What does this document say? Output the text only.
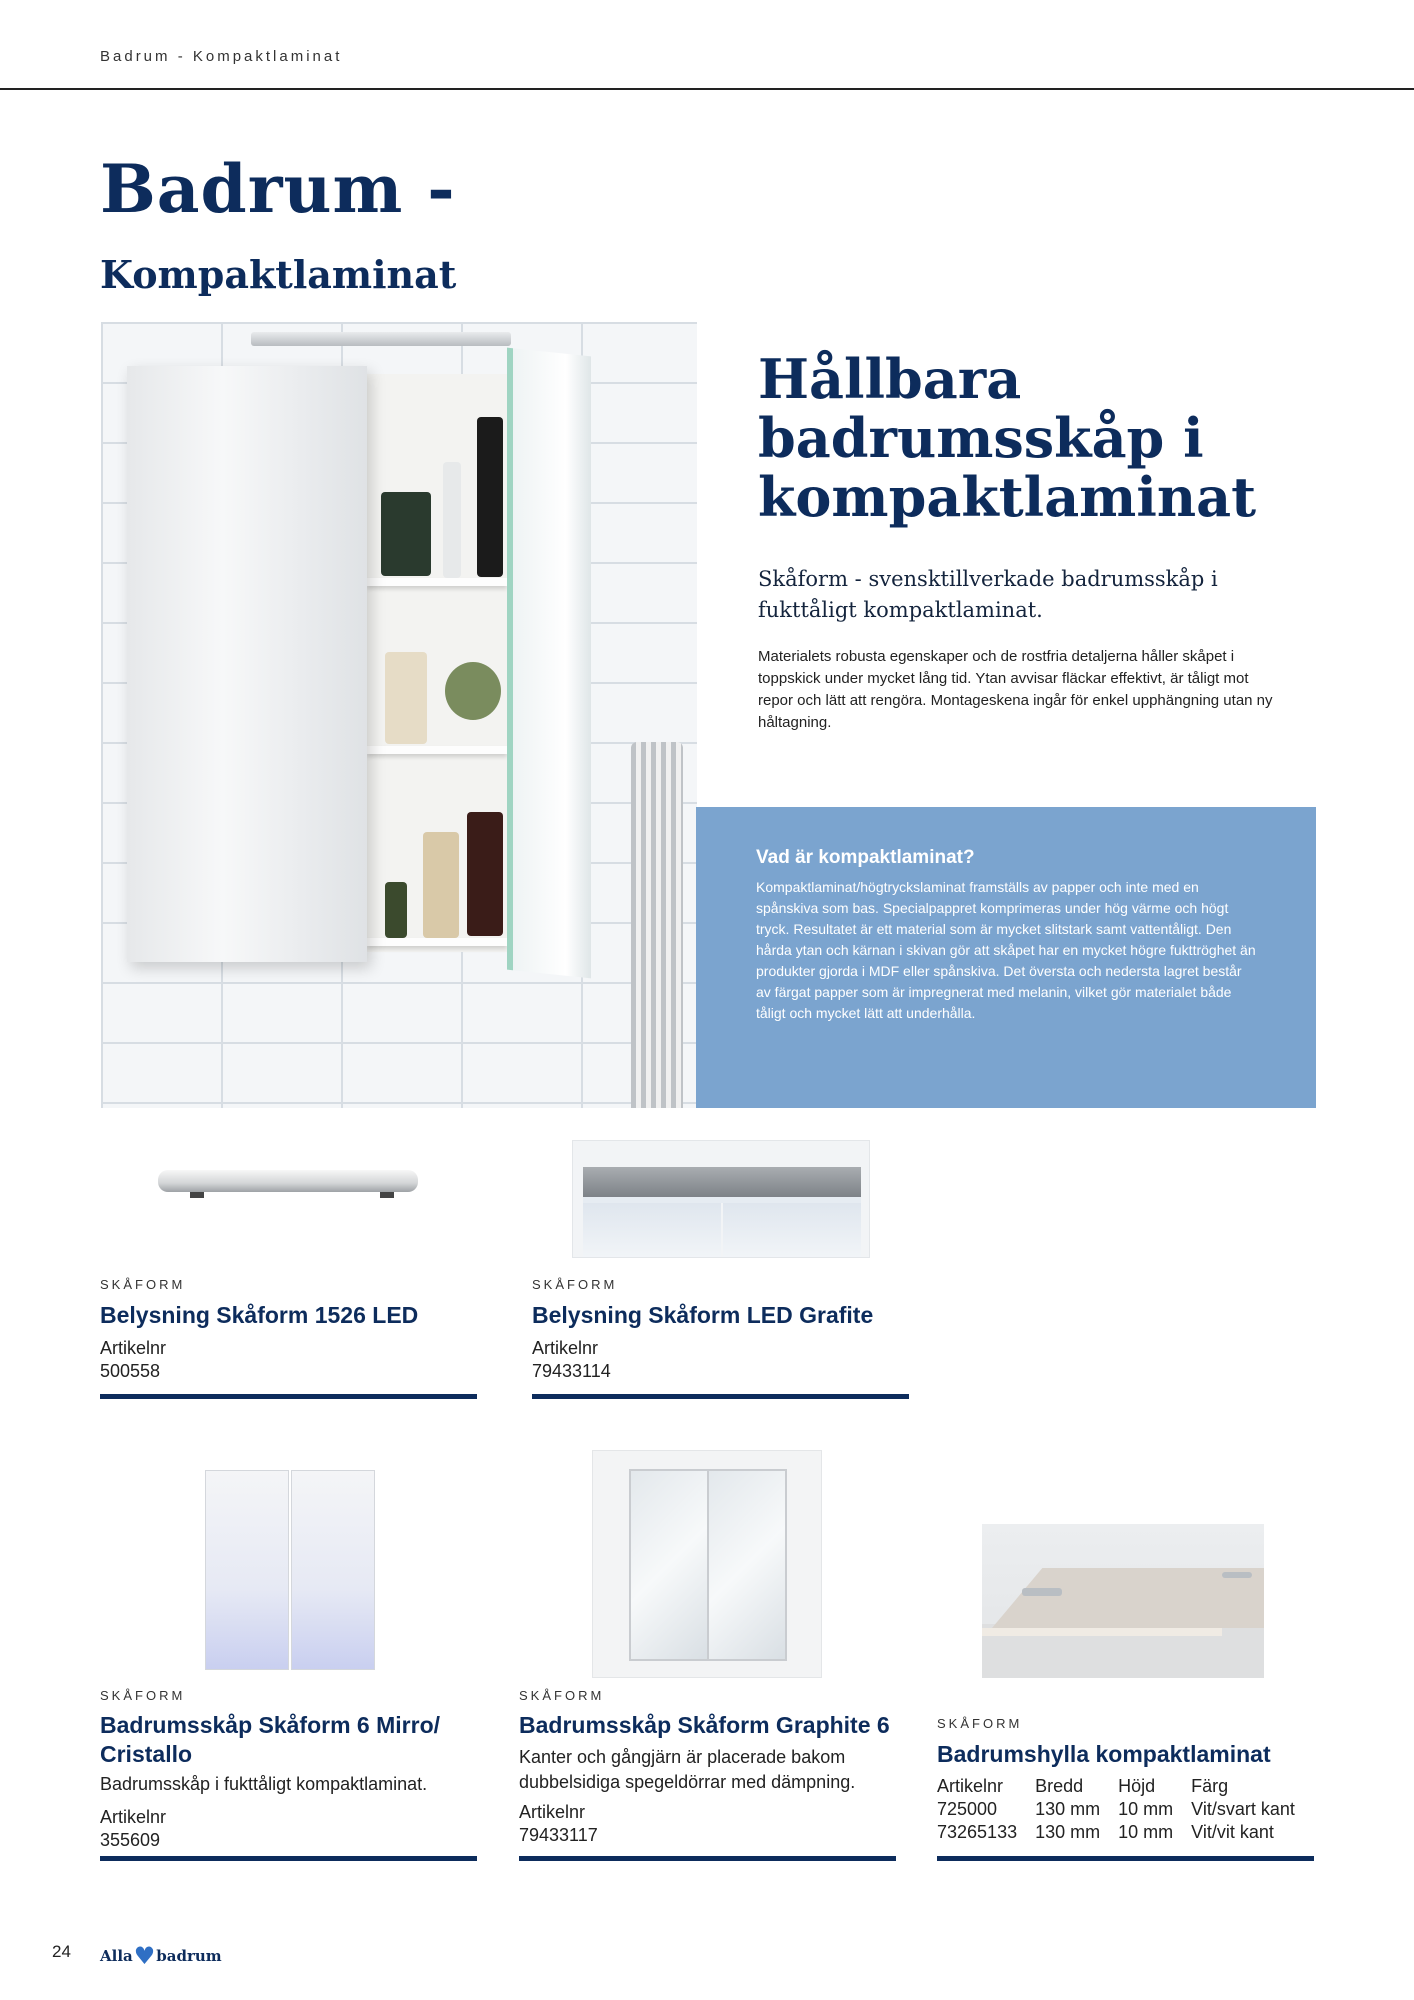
Badrum - Kompaktlaminat
Badrum -
Kompaktlaminat
Hållbara
badrumsskåp i
kompaktlaminat
Skåform - svensktillverkade badrumsskåp i fukttåligt kompaktlaminat.
Materialets robusta egenskaper och de rostfria detaljerna håller skåpet i toppskick under mycket lång tid. Ytan avvisar fläckar effektivt, är tåligt mot repor och lätt att rengöra. Montageskena ingår för enkel upphängning utan ny håltagning.
Vad är kompaktlaminat?

Kompaktlaminat/högtryckslaminat framställs av papper och inte med en spånskiva som bas. Specialpappret komprimeras under hög värme och högt tryck. Resultatet är ett material som är mycket slitstark samt vattentåligt. Den hårda ytan och kärnan i skivan gör att skåpet har en mycket högre fukttröghet än produkter gjorda i MDF eller spånskiva. Det översta och nedersta lagret består av färgat papper som är impregnerat med melanin, vilket gör materialet både tåligt och mycket lätt att underhålla.

SKÅFORM
Belysning Skåform 1526 LED
Artikelnr
500558
SKÅFORM
Belysning Skåform LED Grafite
Artikelnr
79433114
SKÅFORM
Badrumsskåp Skåform 6 Mirro/
Cristallo
Badrumsskåp i fukttåligt kompaktlaminat.
Artikelnr
355609
SKÅFORM
Badrumsskåp Skåform Graphite 6
Kanter och gångjärn är placerade bakom
dubbelsidiga spegeldörrar med dämpning.
Artikelnr
79433117
SKÅFORM
Badrumshylla kompaktlaminat
Artikelnr	Bredd	Höjd	Färg
725000	130 mm	10 mm	Vit/svart kant
73265133	130 mm	10 mm	Vit/vit kant
24 Alla ♥ badrum
